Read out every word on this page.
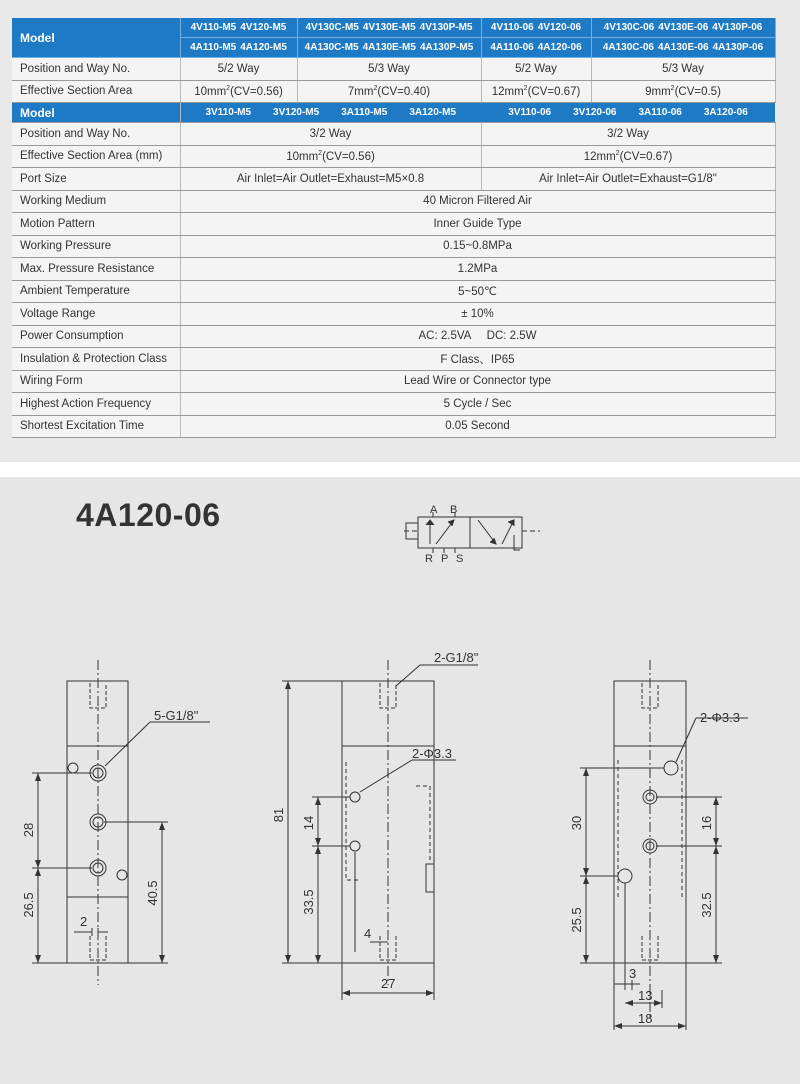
Model	4V110-M5 4V120-M5	4V130C-M5 4V130E-M5 4V130P-M5	4V110-06 4V120-06	4V130C-06 4V130E-06 4V130P-06
	4A110-M5 4A120-M5	4A130C-M5 4A130E-M5 4A130P-M5	4A110-06 4A120-06	4A130C-06 4A130E-06 4A130P-06
Position and Way No.	5/2 Way	5/3 Way	5/2 Way	5/3 Way
Effective Section Area	$10mm^2(CV=0.56)$	$7mm^2(CV=0.40)$	$12mm^2(CV=0.67)$	$9mm^2(CV=0.5)$
Model	3V110-M5 3V120-M5 3A110-M5 3A120-M5		3V110-06 3V120-06 3A110-06 3A120-06	
Position and Way No.	3/2 Way		3/2 Way	
Effective Section Area (mm)	$10mm^2(CV=0.56)$		$12mm^2(CV=0.67)$	
Port Size	Air Inlet=Air Outlet=Exhaust=M5×0.8		Air Inlet=Air Outlet=Exhaust=G1/8"	
Working Medium	40 Micron Filtered Air			
Motion Pattern	Inner Guide Type			
Working Pressure	0.15~0.8MPa			
Max. Pressure Resistance	1.2MPa			
Ambient Temperature	5~50℃			
Voltage Range	± 10%			
Power Consumption	AC: 2.5VA     DC: 2.5W			
Insulation & Protection Class	F Class、IP65			
Wiring Form	Lead Wire or Connector type			
Highest Action Frequency	5 Cycle / Sec			
Shortest Excitation Time	0.05 Second			
4A120-06	A B
R P S
5-G1/8"
28
26.5	40.5
2
2-G1/8"
2-Φ3.3
81
14
33.5
4
27
2-Φ3.3
30	16
25.5
32.5
3
13
18
